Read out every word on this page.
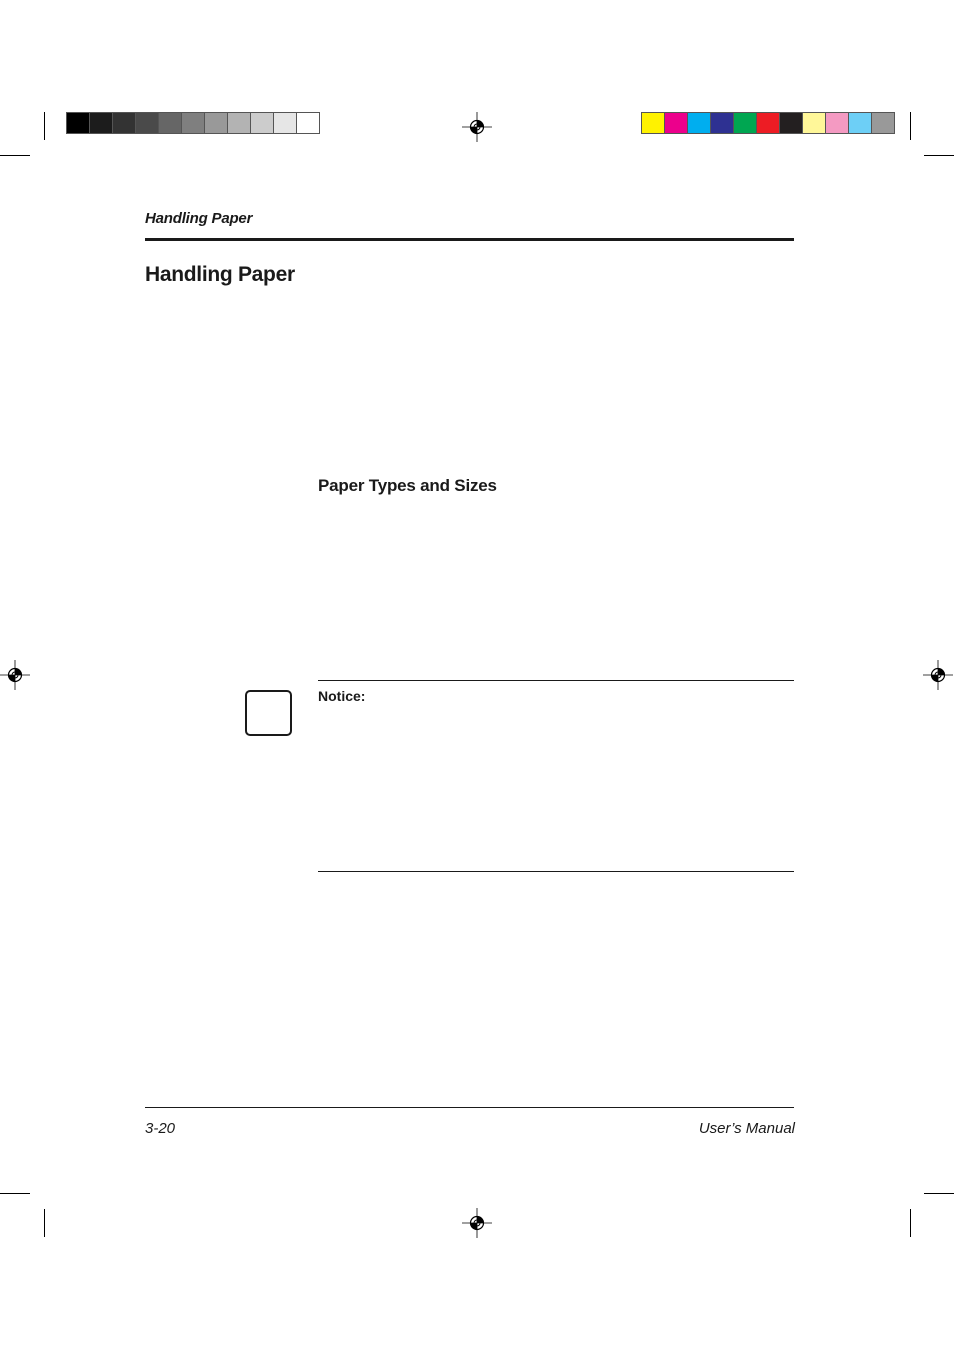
Handling Paper
Handling Paper
Paper Types and Sizes
Notice:
3-20	User’s Manual
